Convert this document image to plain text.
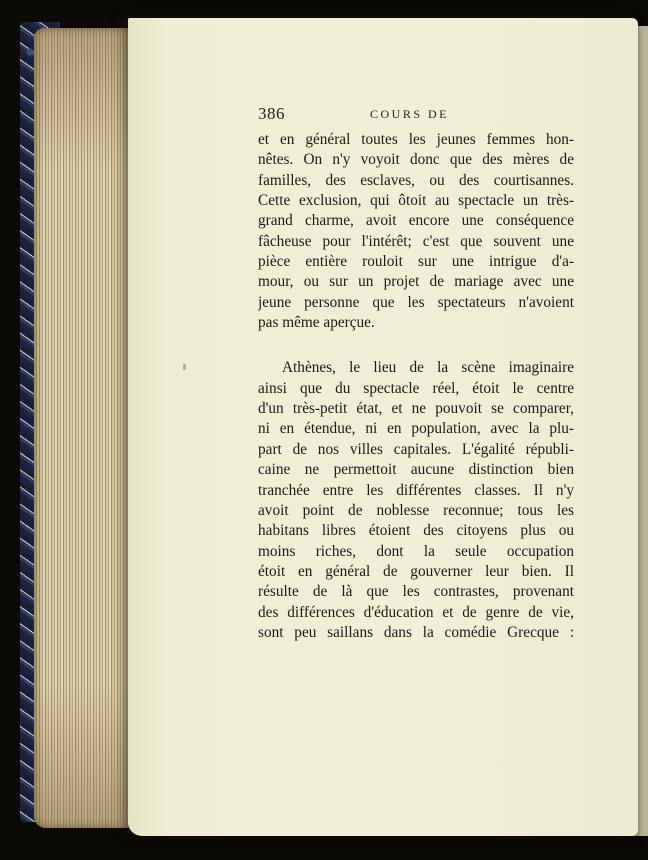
386	COURS DE
et en général toutes les jeunes femmes hon-
nêtes. On n'y voyoit donc que des mères de
familles, des esclaves, ou des courtisannes.
Cette exclusion, qui ôtoit au spectacle un très-
grand charme, avoit encore une conséquence
fâcheuse pour l'intérêt; c'est que souvent une
pièce entière rouloit sur une intrigue d'a-
mour, ou sur un projet de mariage avec une
jeune personne que les spectateurs n'avoient
pas même aperçue.
Athènes, le lieu de la scène imaginaire
ainsi que du spectacle réel, étoit le centre
d'un très-petit état, et ne pouvoit se comparer,
ni en étendue, ni en population, avec la plu-
part de nos villes capitales. L'égalité républi-
caine ne permettoit aucune distinction bien
tranchée entre les différentes classes. Il n'y
avoit point de noblesse reconnue; tous les
habitans libres étoient des citoyens plus ou
moins riches, dont la seule occupation
étoit en général de gouverner leur bien. Il
résulte de là que les contrastes, provenant
des différences d'éducation et de genre de vie,
sont peu saillans dans la comédie Grecque :
